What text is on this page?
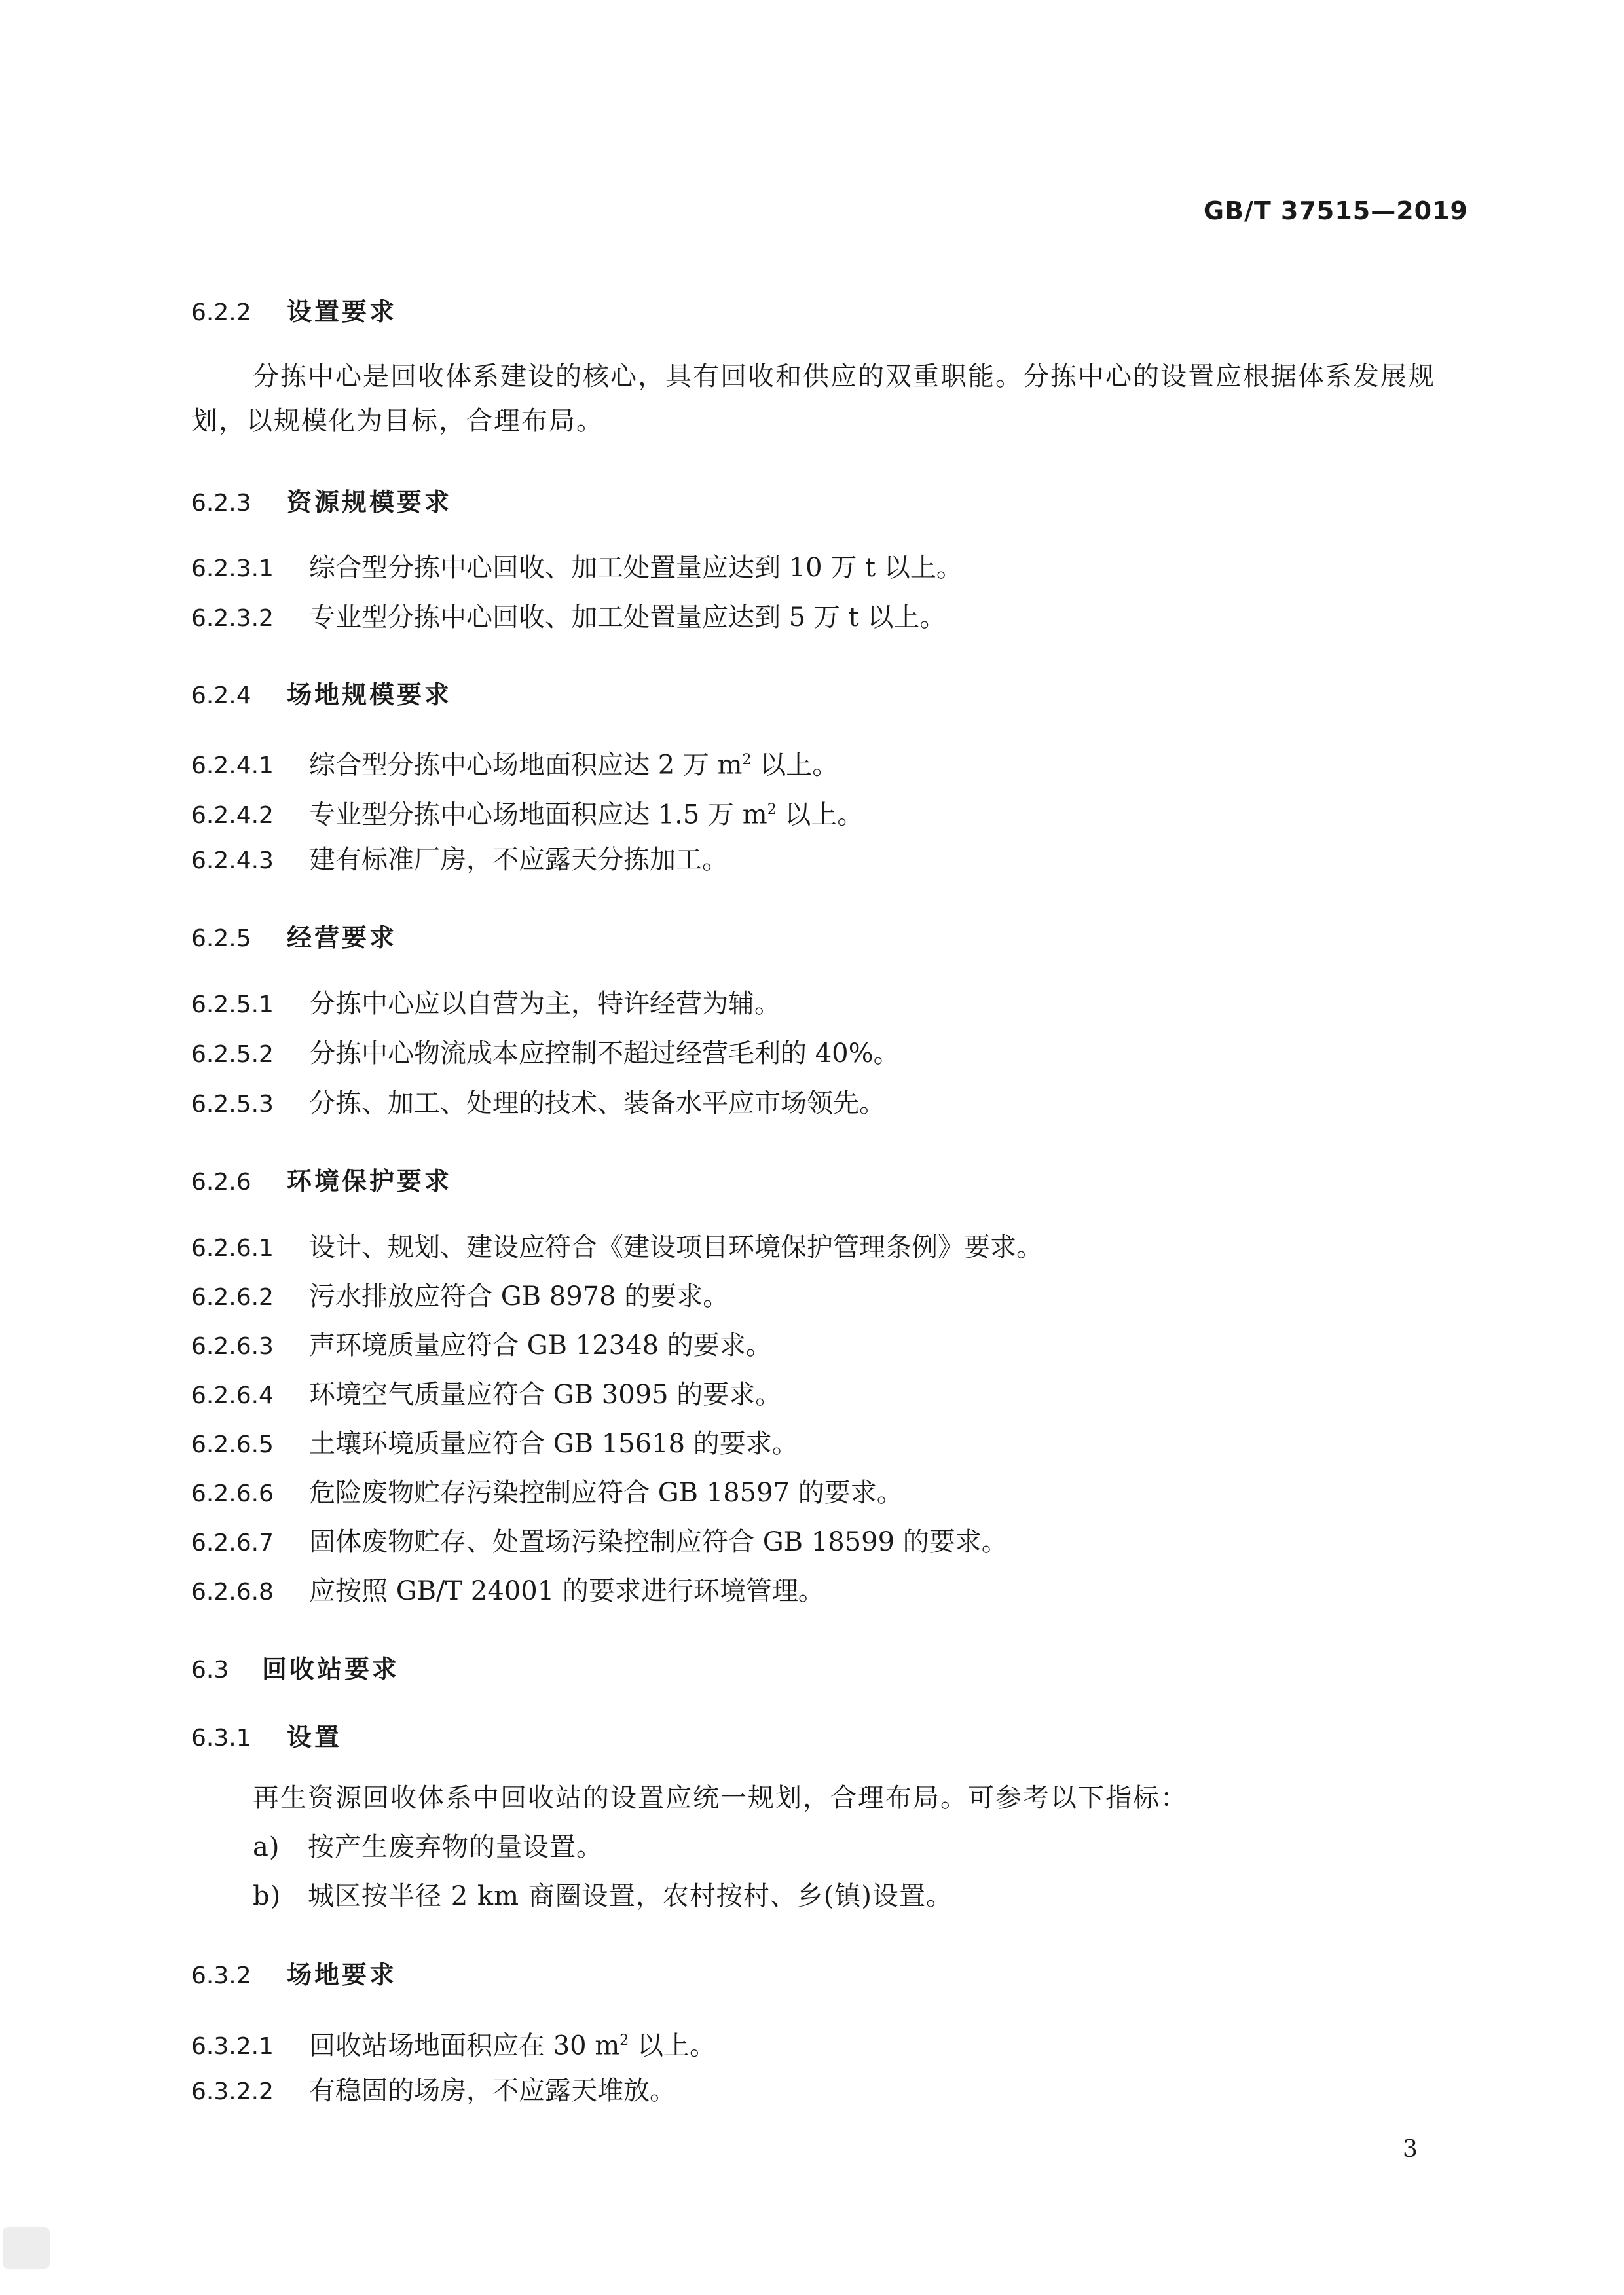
GB/T 37515—2019
6.2.2 设置要求

分拣中心是回收体系建设的核心，具有回收和供应的双重职能。分拣中心的设置应根据体系发展规划，以规模化为目标，合理布局。

6.2.3 资源规模要求
6.2.3.1 综合型分拣中心回收、加工处置量应达到 10 万 t 以上。
6.2.3.2 专业型分拣中心回收、加工处置量应达到 5 万 t 以上。
6.2.4 场地规模要求
6.2.4.1 综合型分拣中心场地面积应达 2 万 $m^2$ 以上。
6.2.4.2 专业型分拣中心场地面积应达 1.5 万 $m^2$ 以上。
6.2.4.3 建有标准厂房，不应露天分拣加工。
6.2.5 经营要求
6.2.5.1 分拣中心应以自营为主，特许经营为辅。
6.2.5.2 分拣中心物流成本应控制不超过经营毛利的 40%。
6.2.5.3 分拣、加工、处理的技术、装备水平应市场领先。
6.2.6 环境保护要求
6.2.6.1 设计、规划、建设应符合《建设项目环境保护管理条例》要求。
6.2.6.2 污水排放应符合 GB 8978 的要求。
6.2.6.3 声环境质量应符合 GB 12348 的要求。
6.2.6.4 环境空气质量应符合 GB 3095 的要求。
6.2.6.5 土壤环境质量应符合 GB 15618 的要求。
6.2.6.6 危险废物贮存污染控制应符合 GB 18597 的要求。
6.2.6.7 固体废物贮存、处置场污染控制应符合 GB 18599 的要求。
6.2.6.8 应按照 GB/T 24001 的要求进行环境管理。
6.3 回收站要求
6.3.1 设置

再生资源回收体系中回收站的设置应统一规划，合理布局。可参考以下指标：

a) 按产生废弃物的量设置。
b) 城区按半径 2 km 商圈设置，农村按村、乡(镇)设置。
6.3.2 场地要求
6.3.2.1 回收站场地面积应在 30 $m^2$ 以上。
6.3.2.2 有稳固的场房，不应露天堆放。
3
